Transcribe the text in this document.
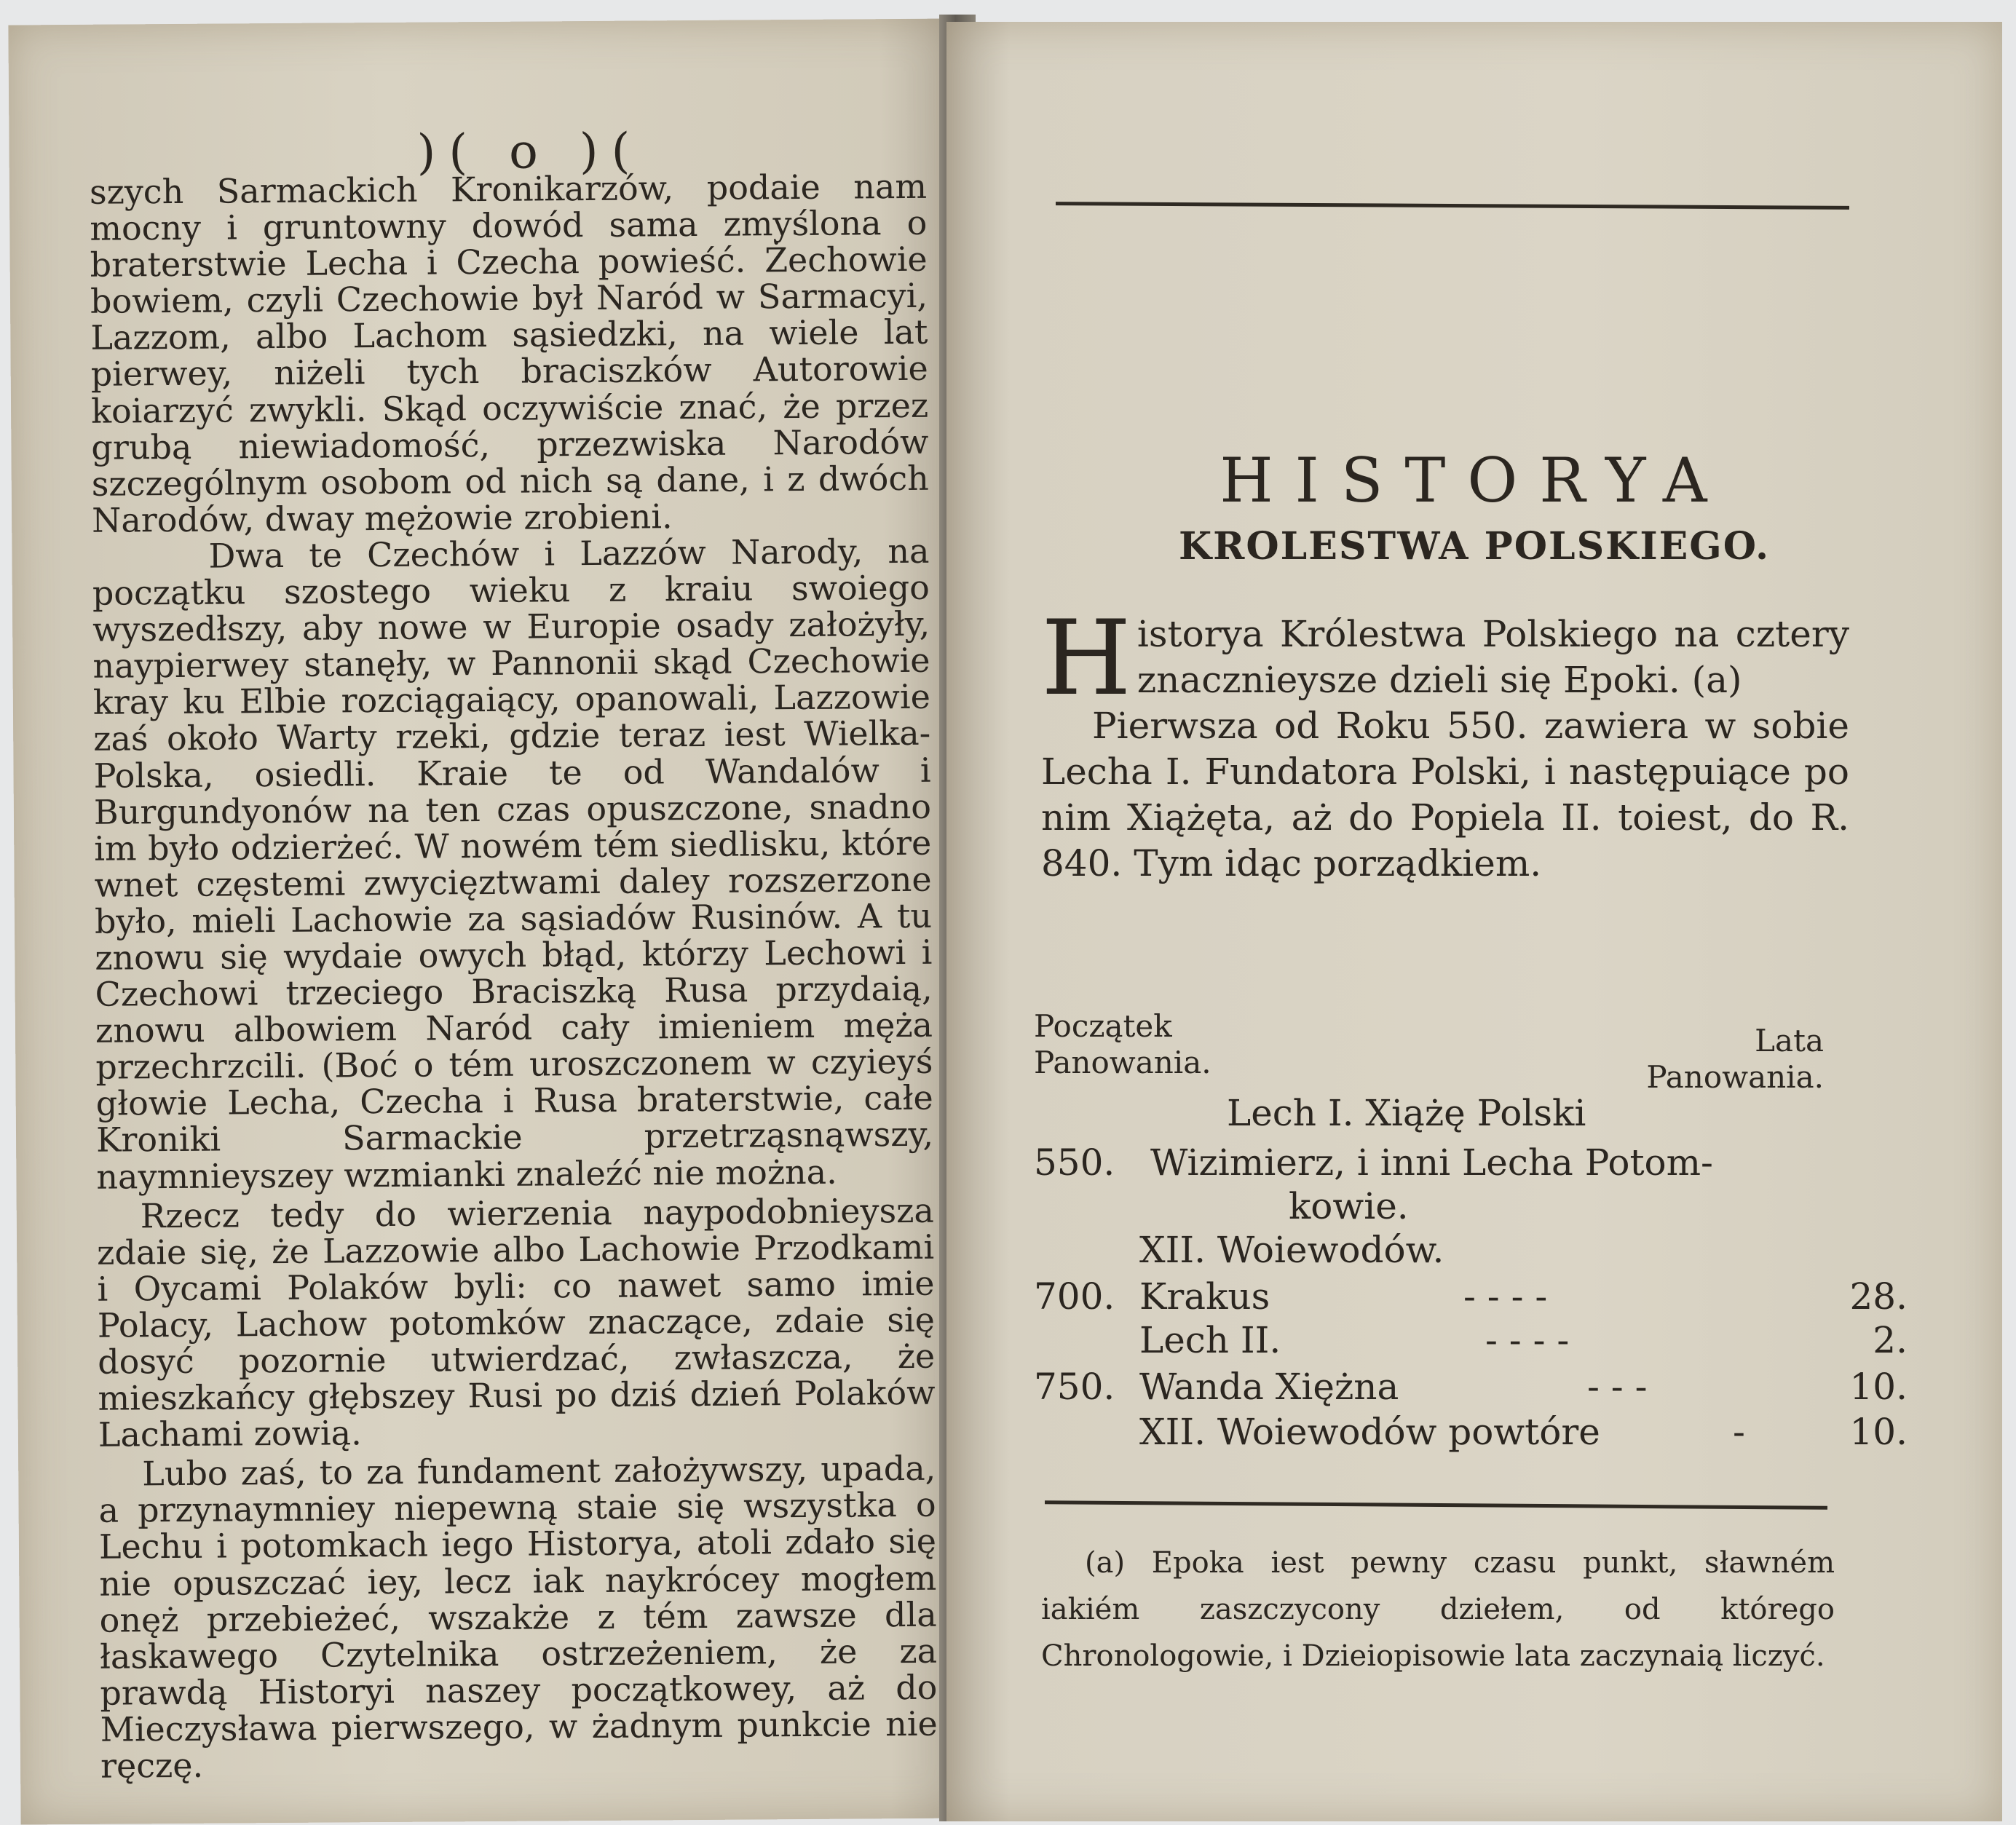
)( o )(

szych Sarmackich Kronikarzów, podaie nam mocny i gruntowny dowód sama zmyślona o braterstwie Lecha i Czecha powieść. Żechowie bowiem, czyli Czechowie był Naród w Sarmacyi, Lazzom, albo Lachom sąsiedzki, na wiele lat pierwey, niżeli tych braciszków Autorowie koiarzyć zwykli. Skąd oczywiście znać, że przez grubą niewiadomość, przezwiska Narodów szczególnym osobom od nich są dane, i z dwóch Narodów, dway mężowie zrobieni.

Dwa te Czechów i Lazzów Narody, na początku szostego wieku z kraiu swoiego wyszedłszy, aby nowe w Europie osady założyły, naypierwey stanęły, w Pannonii skąd Czechowie kray ku Elbie rozciągaiący, opanowali, Lazzowie zaś około Warty rzeki, gdzie teraz iest Wielka-Polska, osiedli. Kraie te od Wandalów i Burgundyonów na ten czas opuszczone, snadno im było odzierżeć. W nowém tém siedlisku, które wnet częstemi zwycięztwami daley rozszerzone było, mieli Lachowie za sąsiadów Rusinów. A tu znowu się wydaie owych błąd, którzy Lechowi i Czechowi trzeciego Braciszką Rusa przydaią, znowu albowiem Naród cały imieniem męża przechrzcili. (Boć o tém uroszczonem w czyieyś głowie Lecha, Czecha i Rusa braterstwie, całe Kroniki Sarmackie przetrząsnąwszy, naymnieyszey wzmianki znaleźć nie można.

Rzecz tedy do wierzenia naypodobnieysza zdaie się, że Lazzowie albo Lachowie Przodkami i Oycami Polaków byli: co nawet samo imie Polacy, Lachow potomków znaczące, zdaie się dosyć pozornie utwierdzać, zwłaszcza, że mieszkańcy głębszey Rusi po dziś dzień Polaków Lachami zowią.

Lubo zaś, to za fundament założywszy, upada, a przynaymniey niepewną staie się wszystka o Lechu i potomkach iego Historya, atoli zdało się nie opuszczać iey, lecz iak naykrócey mogłem onęż przebieżeć, wszakże z tém zawsze dla łaskawego Czytelnika ostrzeżeniem, że za prawdą Historyi naszey początkowey, aż do Mieczysława pierwszego, w żadnym punkcie nie ręczę.

HISTORYA
KROLESTWA POLSKIEGO.

Historya Królestwa Polskiego na cztery znacznieysze dzieli się Epoki. (a)

Pierwsza od Roku 550. zawiera w sobie Lecha I. Fundatora Polski, i następuiące po nim Xiążęta, aż do Popiela II. toiest, do R. 840. Tym idąc porządkiem.

Początek
Panowania.
Lata
Panowania.
Lech I. Xiążę Polski
550. Wizimierz, i inni Lecha Potom-
kowie.
XII. Woiewodów.
700. Krakus	- - - -	28.
Lech II.	- - - -	2.
750. Wanda Xiężna	- - -	10.
XII. Woiewodów powtóre	-	10.

(a) Epoka iest pewny czasu punkt, sławném iakiém zaszczycony dziełem, od którego Chronologowie, i Dzieiopisowie lata zaczynaią liczyć.
